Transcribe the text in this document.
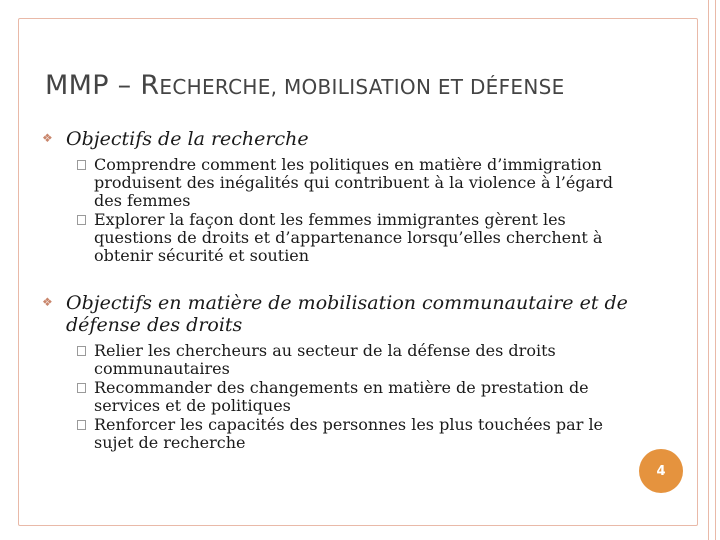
MMP – RECHERCHE, MOBILISATION ET DÉFENSE
❖ Objectifs de la recherche
Comprendre comment les politiques en matière d’immigration produisent des inégalités qui contribuent à la violence à l’égard des femmes
Explorer la façon dont les femmes immigrantes gèrent les questions de droits et d’appartenance lorsqu’elles cherchent à obtenir sécurité et soutien
❖ Objectifs en matière de mobilisation communautaire et de défense des droits
Relier les chercheurs au secteur de la défense des droits communautaires
Recommander des changements en matière de prestation de services et de politiques
Renforcer les capacités des personnes les plus touchées par le sujet de recherche
4
